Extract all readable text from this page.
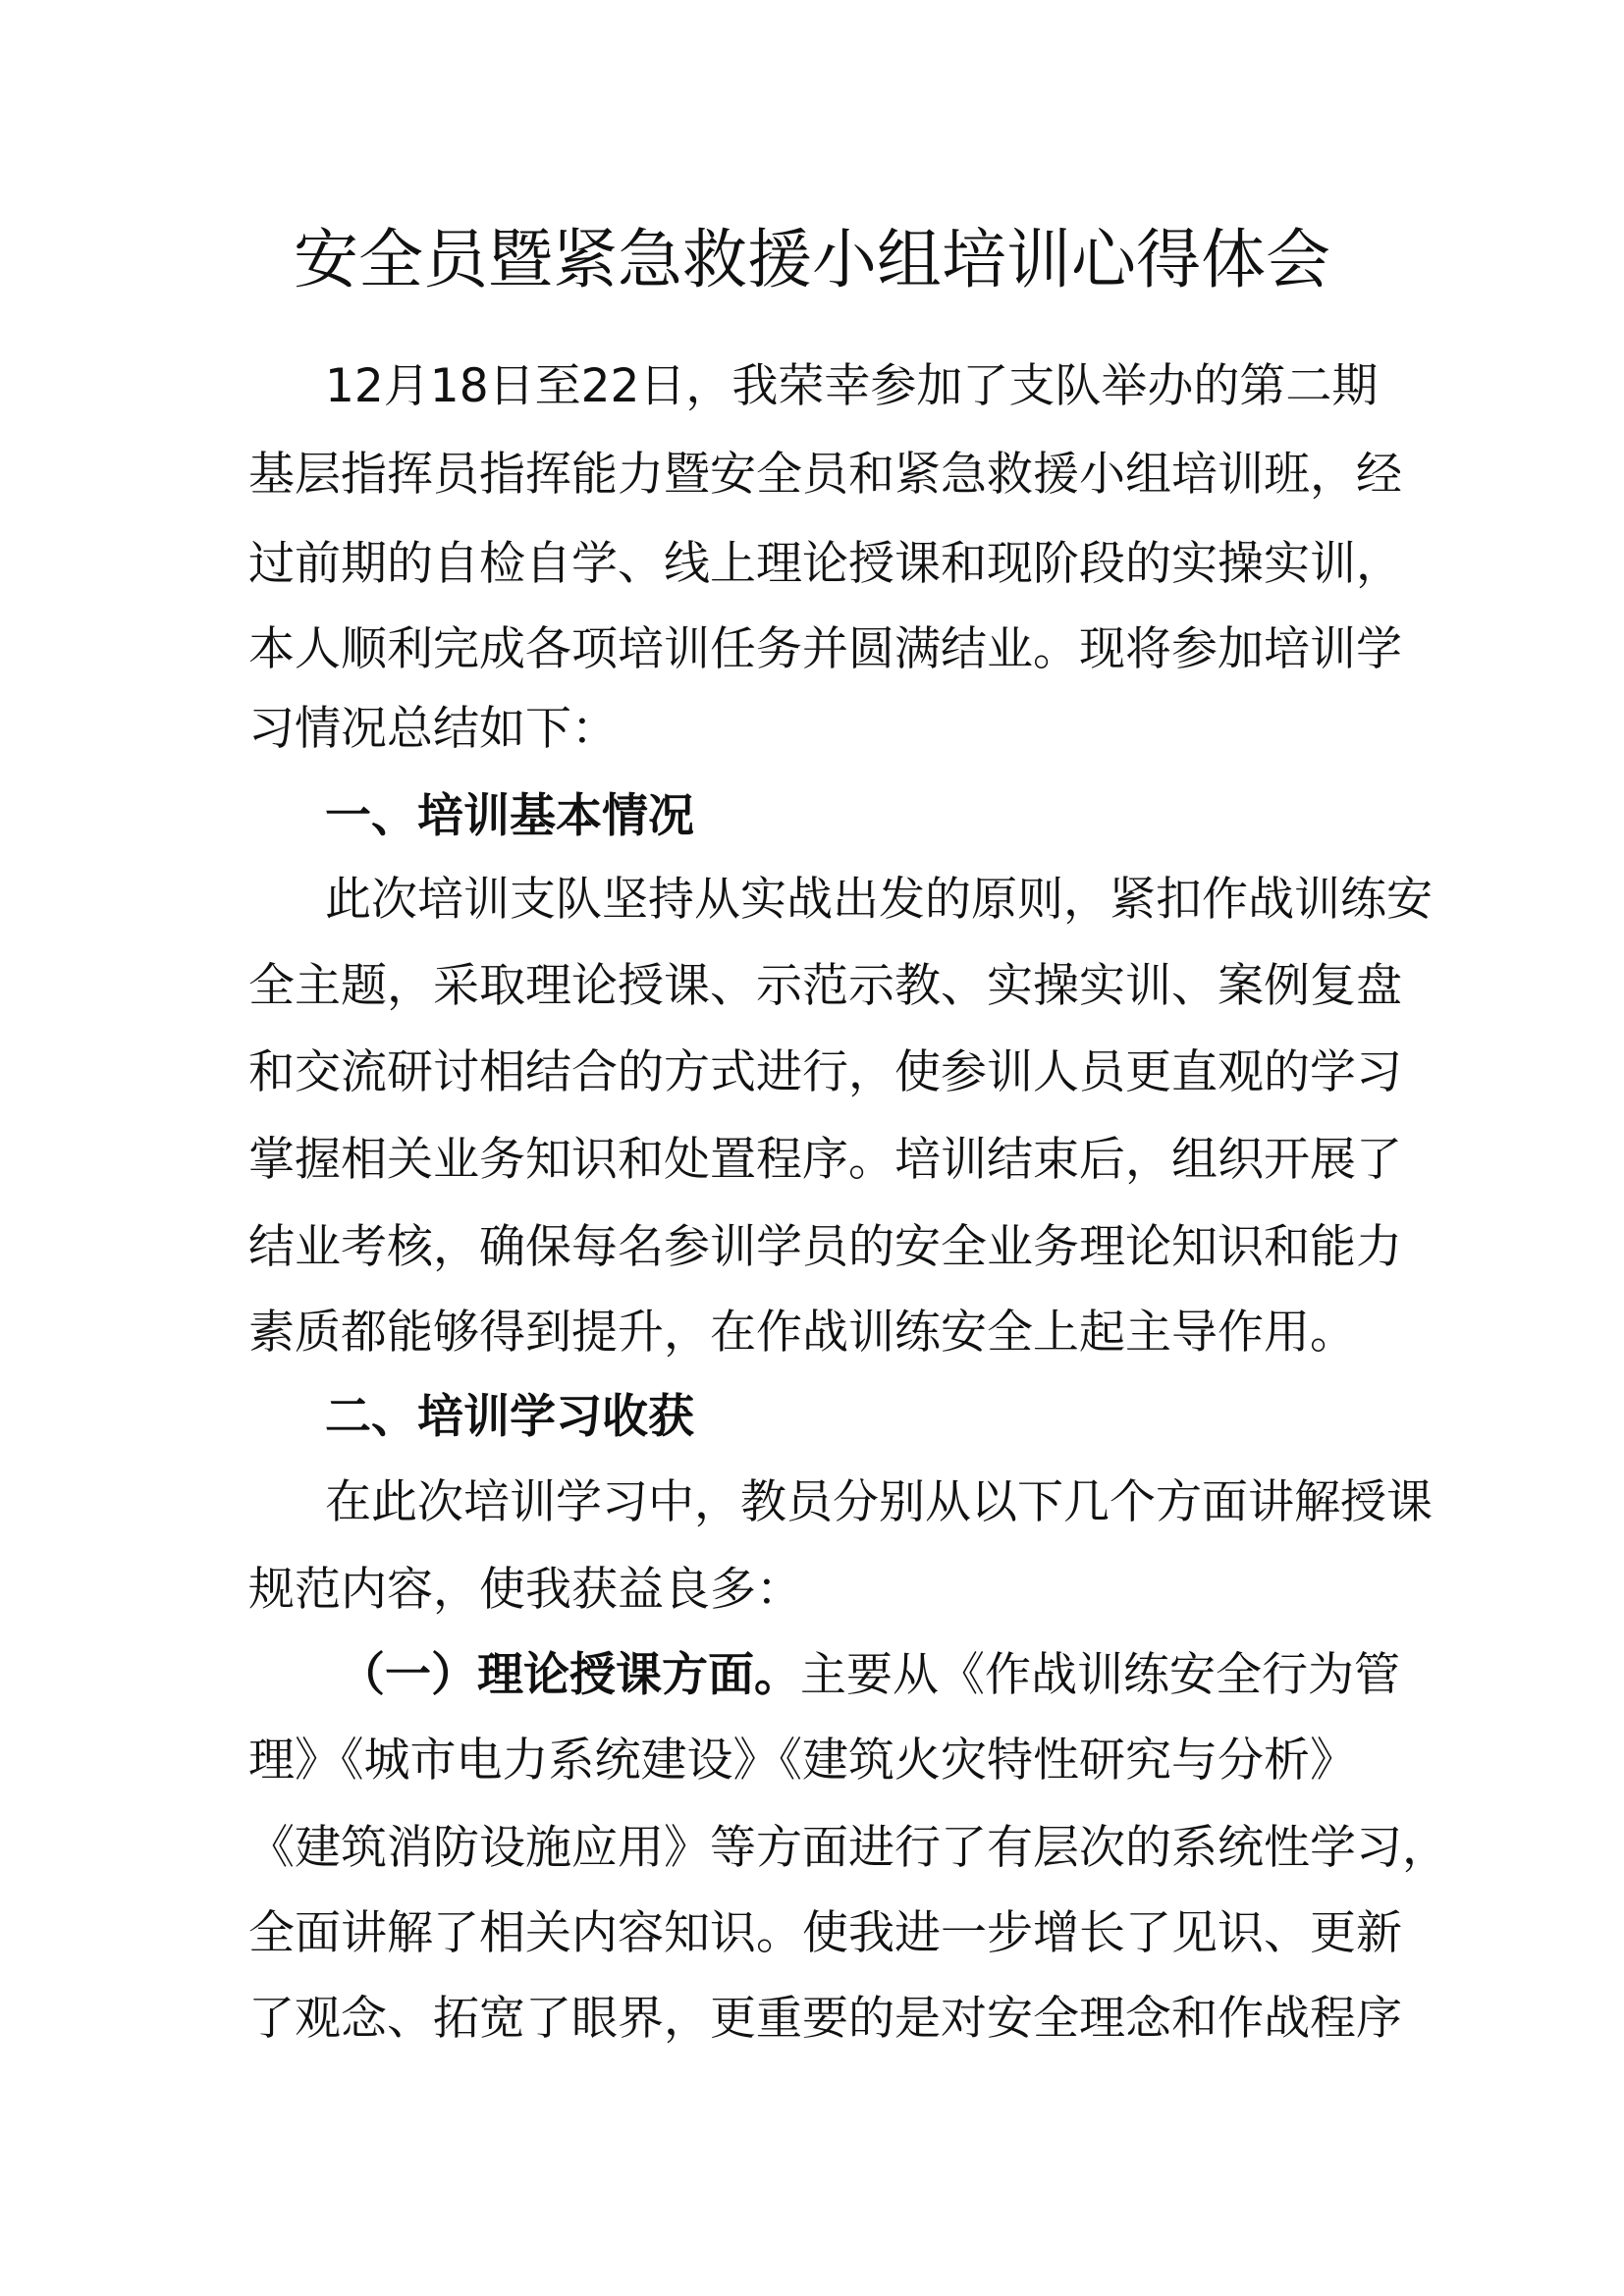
安全员暨紧急救援小组培训心得体会
12月18日至22日，我荣幸参加了支队举办的第二期
基层指挥员指挥能力暨安全员和紧急救援小组培训班，经
过前期的自检自学、线上理论授课和现阶段的实操实训，
本人顺利完成各项培训任务并圆满结业。现将参加培训学
习情况总结如下：
一、培训基本情况
此次培训支队坚持从实战出发的原则，紧扣作战训练安
全主题，采取理论授课、示范示教、实操实训、案例复盘
和交流研讨相结合的方式进行，使参训人员更直观的学习
掌握相关业务知识和处置程序。培训结束后，组织开展了
结业考核，确保每名参训学员的安全业务理论知识和能力
素质都能够得到提升，在作战训练安全上起主导作用。
二、培训学习收获
在此次培训学习中，教员分别从以下几个方面讲解授课
规范内容，使我获益良多：
（一）理论授课方面。主要从《作战训练安全行为管
理》《城市电力系统建设》《建筑火灾特性研究与分析》
《建筑消防设施应用》等方面进行了有层次的系统性学习，
全面讲解了相关内容知识。使我进一步增长了见识、更新
了观念、拓宽了眼界，更重要的是对安全理念和作战程序
